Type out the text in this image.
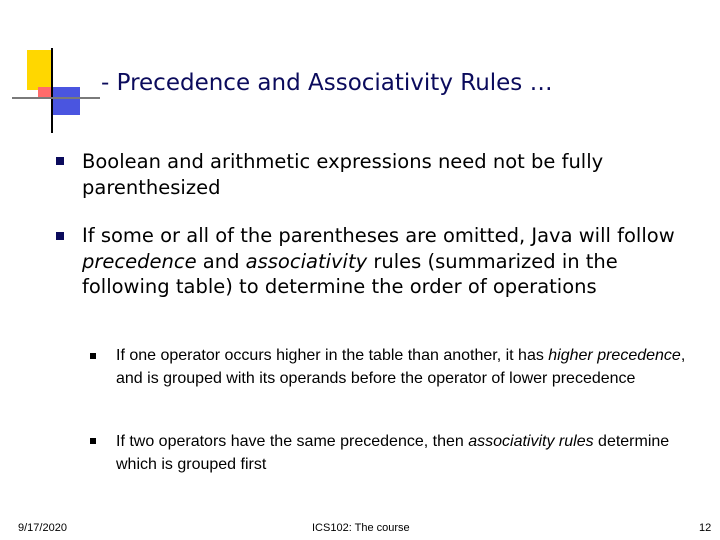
- Precedence and Associativity Rules …
Boolean and arithmetic expressions need not be fully parenthesized
If some or all of the parentheses are omitted, Java will follow precedence and associativity rules (summarized in the following table) to determine the order of operations
If one operator occurs higher in the table than another, it has higher precedence, and is grouped with its operands before the operator of lower precedence
If two operators have the same precedence, then associativity rules determine which is grouped first
9/17/2020	ICS102: The course	12
